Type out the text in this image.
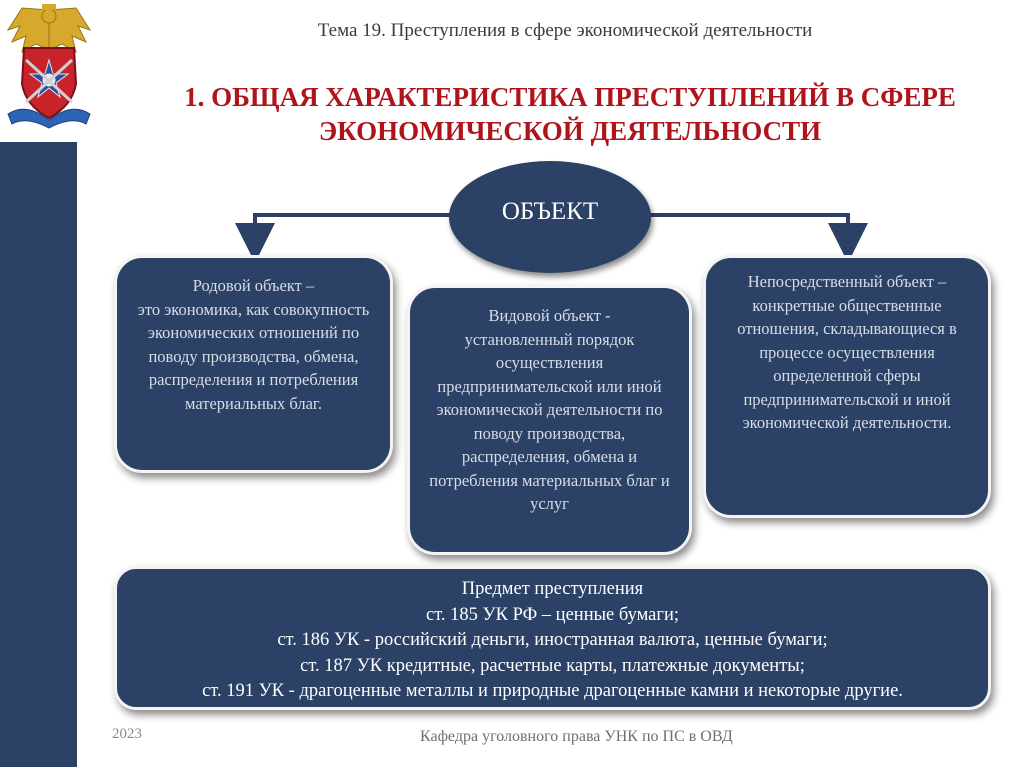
Тема 19. Преступления в сфере экономической деятельности
1. ОБЩАЯ ХАРАКТЕРИСТИКА ПРЕСТУПЛЕНИЙ В СФЕРЕ
ЭКОНОМИЧЕСКОЙ ДЕЯТЕЛЬНОСТИ
ОБЪЕКТ
Родовой объект –
это экономика, как совокупность экономических отношений по поводу производства, обмена, распределения и потребления материальных благ.
Видовой объект -
установленный порядок осуществления предпринимательской или иной экономической деятельности по поводу производства, распределения, обмена и потребления материальных благ и услуг
Непосредственный объект –
конкретные общественные отношения, складывающиеся в процессе осуществления определенной сферы предпринимательской и иной экономической деятельности.
Предмет преступления
ст. 185 УК РФ – ценные бумаги;
ст. 186 УК - российский деньги, иностранная валюта, ценные бумаги;
ст. 187 УК кредитные, расчетные карты, платежные документы;
ст. 191 УК - драгоценные металлы и природные драгоценные камни и некоторые другие.
2023	Кафедра уголовного права УНК по ПС в ОВД
